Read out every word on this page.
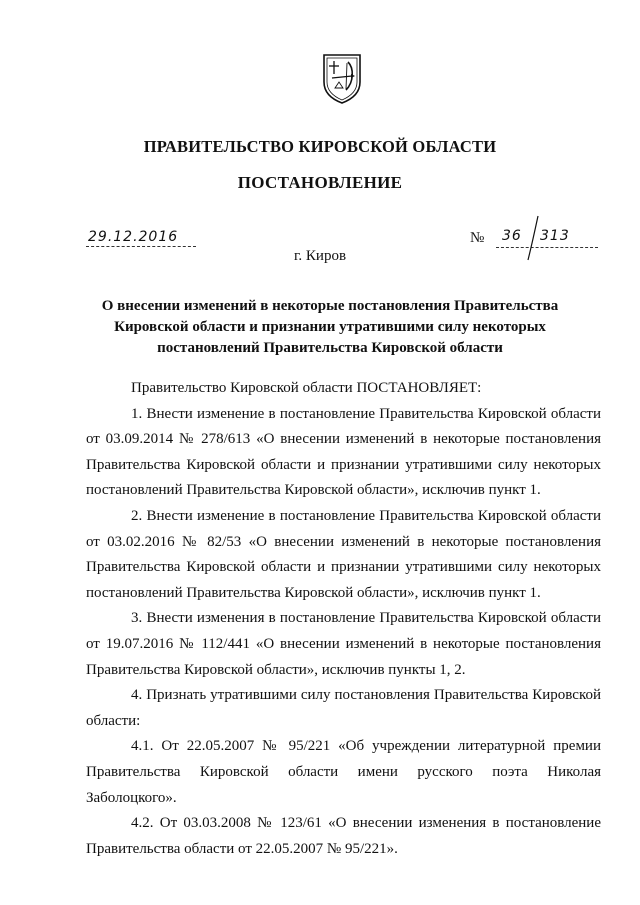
ПРАВИТЕЛЬСТВО КИРОВСКОЙ ОБЛАСТИ
ПОСТАНОВЛЕНИЕ
29.12.2016	№ 36 313
г. Киров
О внесении изменений в некоторые постановления Правительства Кировской области и признании утратившими силу некоторых постановлений Правительства Кировской области

Правительство Кировской области ПОСТАНОВЛЯЕТ:

1. Внести изменение в постановление Правительства Кировской области от 03.09.2014 № 278/613 «О внесении изменений в некоторые постановления Правительства Кировской области и признании утратившими силу некоторых постановлений Правительства Кировской области», исключив пункт 1.

2. Внести изменение в постановление Правительства Кировской области от 03.02.2016 № 82/53 «О внесении изменений в некоторые постановления Правительства Кировской области и признании утратившими силу некоторых постановлений Правительства Кировской области», исключив пункт 1.

3. Внести изменения в постановление Правительства Кировской области от 19.07.2016 № 112/441 «О внесении изменений в некоторые постановления Правительства Кировской области», исключив пункты 1, 2.

4. Признать утратившими силу постановления Правительства Кировской области:

4.1. От 22.05.2007 № 95/221 «Об учреждении литературной премии Правительства Кировской области имени русского поэта Николая Заболоцкого».

4.2. От 03.03.2008 № 123/61 «О внесении изменения в постановление Правительства области от 22.05.2007 № 95/221».
